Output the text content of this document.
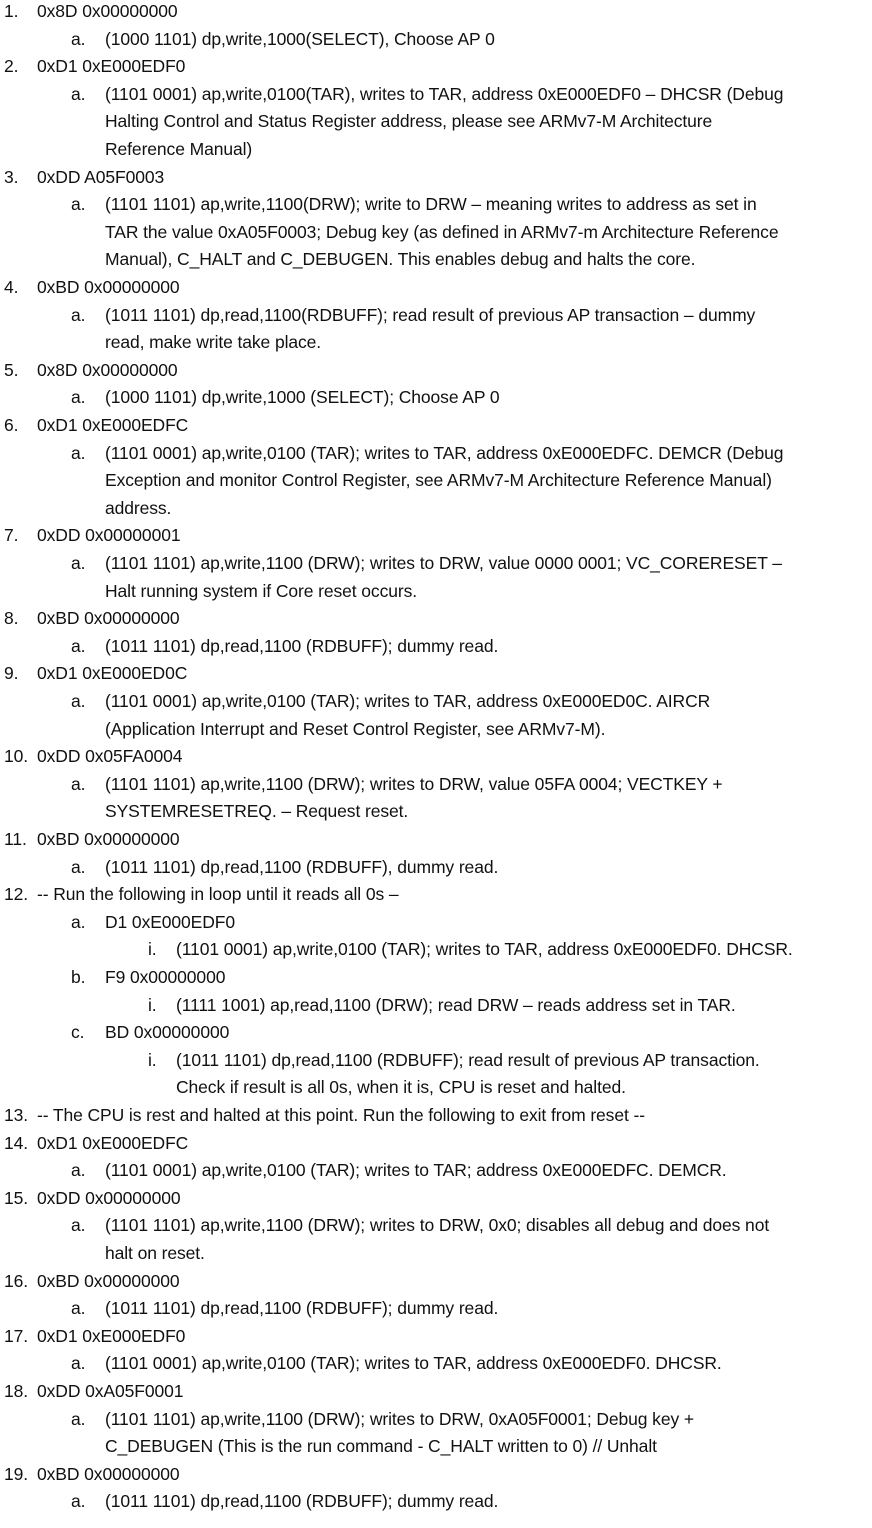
1. 0x8D 0x00000000
a. (1000 1101) dp,write,1000(SELECT), Choose AP 0
2. 0xD1 0xE000EDF0
a. (1101 0001) ap,write,0100(TAR), writes to TAR, address 0xE000EDF0 – DHCSR (Debug
Halting Control and Status Register address, please see ARMv7-M Architecture
Reference Manual)
3. 0xDD A05F0003
a. (1101 1101) ap,write,1100(DRW); write to DRW – meaning writes to address as set in
TAR the value 0xA05F0003; Debug key (as defined in ARMv7-m Architecture Reference
Manual), C_HALT and C_DEBUGEN. This enables debug and halts the core.
4. 0xBD 0x00000000
a. (1011 1101) dp,read,1100(RDBUFF); read result of previous AP transaction – dummy
read, make write take place.
5. 0x8D 0x00000000
a. (1000 1101) dp,write,1000 (SELECT); Choose AP 0
6. 0xD1 0xE000EDFC
a. (1101 0001) ap,write,0100 (TAR); writes to TAR, address 0xE000EDFC. DEMCR (Debug
Exception and monitor Control Register, see ARMv7-M Architecture Reference Manual)
address.
7. 0xDD 0x00000001
a. (1101 1101) ap,write,1100 (DRW); writes to DRW, value 0000 0001; VC_CORERESET –
Halt running system if Core reset occurs.
8. 0xBD 0x00000000
a. (1011 1101) dp,read,1100 (RDBUFF); dummy read.
9. 0xD1 0xE000ED0C
a. (1101 0001) ap,write,0100 (TAR); writes to TAR, address 0xE000ED0C. AIRCR
(Application Interrupt and Reset Control Register, see ARMv7-M).
10. 0xDD 0x05FA0004
a. (1101 1101) ap,write,1100 (DRW); writes to DRW, value 05FA 0004; VECTKEY +
SYSTEMRESETREQ. – Request reset.
11. 0xBD 0x00000000
a. (1011 1101) dp,read,1100 (RDBUFF), dummy read.
12. -- Run the following in loop until it reads all 0s –
a. D1 0xE000EDF0
i. (1101 0001) ap,write,0100 (TAR); writes to TAR, address 0xE000EDF0. DHCSR.
b. F9 0x00000000
i. (1111 1001) ap,read,1100 (DRW); read DRW – reads address set in TAR.
c. BD 0x00000000
i. (1011 1101) dp,read,1100 (RDBUFF); read result of previous AP transaction.
Check if result is all 0s, when it is, CPU is reset and halted.
13. -- The CPU is rest and halted at this point. Run the following to exit from reset --
14. 0xD1 0xE000EDFC
a. (1101 0001) ap,write,0100 (TAR); writes to TAR; address 0xE000EDFC. DEMCR.
15. 0xDD 0x00000000
a. (1101 1101) ap,write,1100 (DRW); writes to DRW, 0x0; disables all debug and does not
halt on reset.
16. 0xBD 0x00000000
a. (1011 1101) dp,read,1100 (RDBUFF); dummy read.
17. 0xD1 0xE000EDF0
a. (1101 0001) ap,write,0100 (TAR); writes to TAR, address 0xE000EDF0. DHCSR.
18. 0xDD 0xA05F0001
a. (1101 1101) ap,write,1100 (DRW); writes to DRW, 0xA05F0001; Debug key +
C_DEBUGEN (This is the run command - C_HALT written to 0) // Unhalt
19. 0xBD 0x00000000
a. (1011 1101) dp,read,1100 (RDBUFF); dummy read.
